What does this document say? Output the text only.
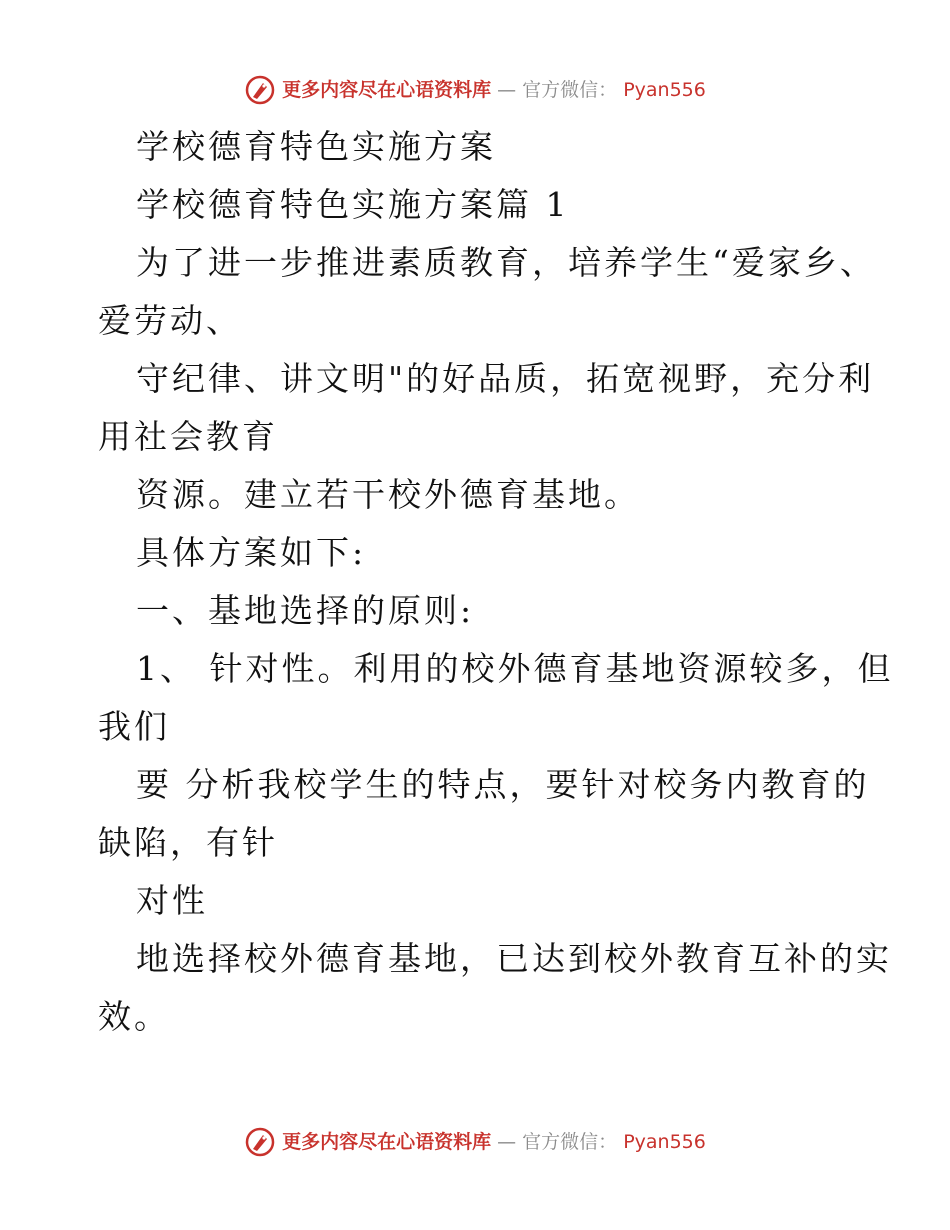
更多内容尽在心语资料库 — 官方微信： Pyan556

学校德育特色实施方案

学校德育特色实施方案篇 1

为了进一步推进素质教育，培养学生“爱家乡、

爱劳动、

守纪律、讲文明"的好品质，拓宽视野，充分利

用社会教育

资源。建立若干校外德育基地。

具体方案如下:

一、基地选择的原则:

1、 针对性。利用的校外德育基地资源较多，但

我们

要 分析我校学生的特点，要针对校务内教育的

缺陷，有针

对性

地选择校外德育基地，已达到校外教育互补的实

效。

更多内容尽在心语资料库 — 官方微信： Pyan556
